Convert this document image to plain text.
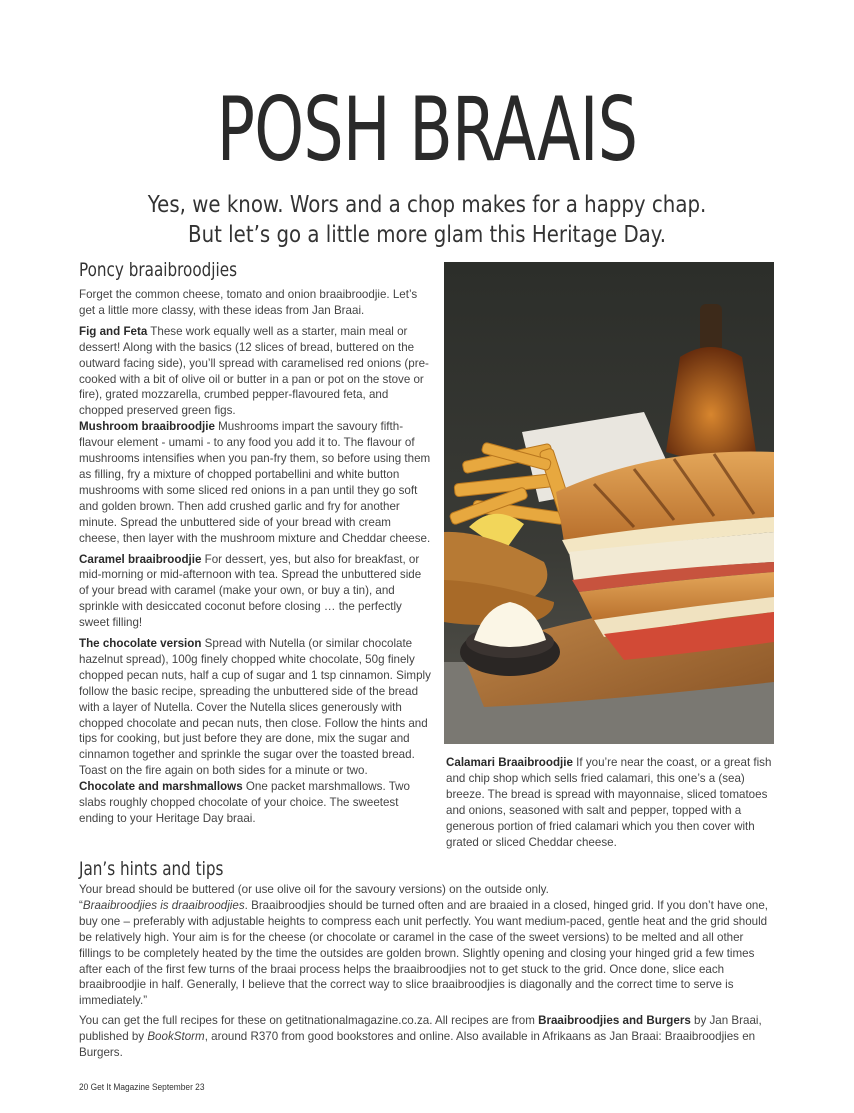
POSH BRAAIS
Yes, we know. Wors and a chop makes for a happy chap.
But let’s go a little more glam this Heritage Day.
Poncy braaibroodjies

Forget the common cheese, tomato and onion braaibroodjie. Let’s get a little more classy, with these ideas from Jan Braai.

Fig and Feta These work equally well as a starter, main meal or dessert! Along with the basics (12 slices of bread, buttered on the outward facing side), you’ll spread with caramelised red onions (pre-cooked with a bit of olive oil or butter in a pan or pot on the stove or fire), grated mozzarella, crumbed pepper-flavoured feta, and chopped preserved green figs.

Mushroom braaibroodjie Mushrooms impart the savoury fifth-flavour element - umami - to any food you add it to. The flavour of mushrooms intensifies when you pan-fry them, so before using them as filling, fry a mixture of chopped portabellini and white button mushrooms with some sliced red onions in a pan until they go soft and golden brown. Then add crushed garlic and fry for another minute. Spread the unbuttered side of your bread with cream cheese, then layer with the mushroom mixture and Cheddar cheese.

Caramel braaibroodjie For dessert, yes, but also for breakfast, or mid-morning or mid-afternoon with tea. Spread the unbuttered side of your bread with caramel (make your own, or buy a tin), and sprinkle with desiccated coconut before closing … the perfectly sweet filling!

The chocolate version Spread with Nutella (or similar chocolate hazelnut spread), 100g finely chopped white chocolate, 50g finely chopped pecan nuts, half a cup of sugar and 1 tsp cinnamon. Simply follow the basic recipe, spreading the unbuttered side of the bread with a layer of Nutella. Cover the Nutella slices generously with chopped chocolate and pecan nuts, then close. Follow the hints and tips for cooking, but just before they are done, mix the sugar and cinnamon together and sprinkle the sugar over the toasted bread. Toast on the fire again on both sides for a minute or two.

Chocolate and marshmallows One packet marshmallows. Two slabs roughly chopped chocolate of your choice. The sweetest ending to your Heritage Day braai.

Calamari Braaibroodjie If you’re near the coast, or a great fish and chip shop which sells fried calamari, this one’s a (sea) breeze. The bread is spread with mayonnaise, sliced tomatoes and onions, seasoned with salt and pepper, topped with a generous portion of fried calamari which you then cover with grated or sliced Cheddar cheese.

Jan’s hints and tips

Your bread should be buttered (or use olive oil for the savoury versions) on the outside only.

“Braaibroodjies is draaibroodjies. Braaibroodjies should be turned often and are braaied in a closed, hinged grid. If you don’t have one, buy one – preferably with adjustable heights to compress each unit perfectly. You want medium-paced, gentle heat and the grid should be relatively high. Your aim is for the cheese (or chocolate or caramel in the case of the sweet versions) to be melted and all other fillings to be completely heated by the time the outsides are golden brown. Slightly opening and closing your hinged grid a few times after each of the first few turns of the braai process helps the braaibroodjies not to get stuck to the grid. Once done, slice each braaibroodjie in half. Generally, I believe that the correct way to slice braaibroodjies is diagonally and the correct time to serve is immediately.”

You can get the full recipes for these on getitnationalmagazine.co.za. All recipes are from Braaibroodjies and Burgers by Jan Braai, published by BookStorm, around R370 from good bookstores and online. Also available in Afrikaans as Jan Braai: Braaibroodjies en Burgers.

20 Get It Magazine September 23
